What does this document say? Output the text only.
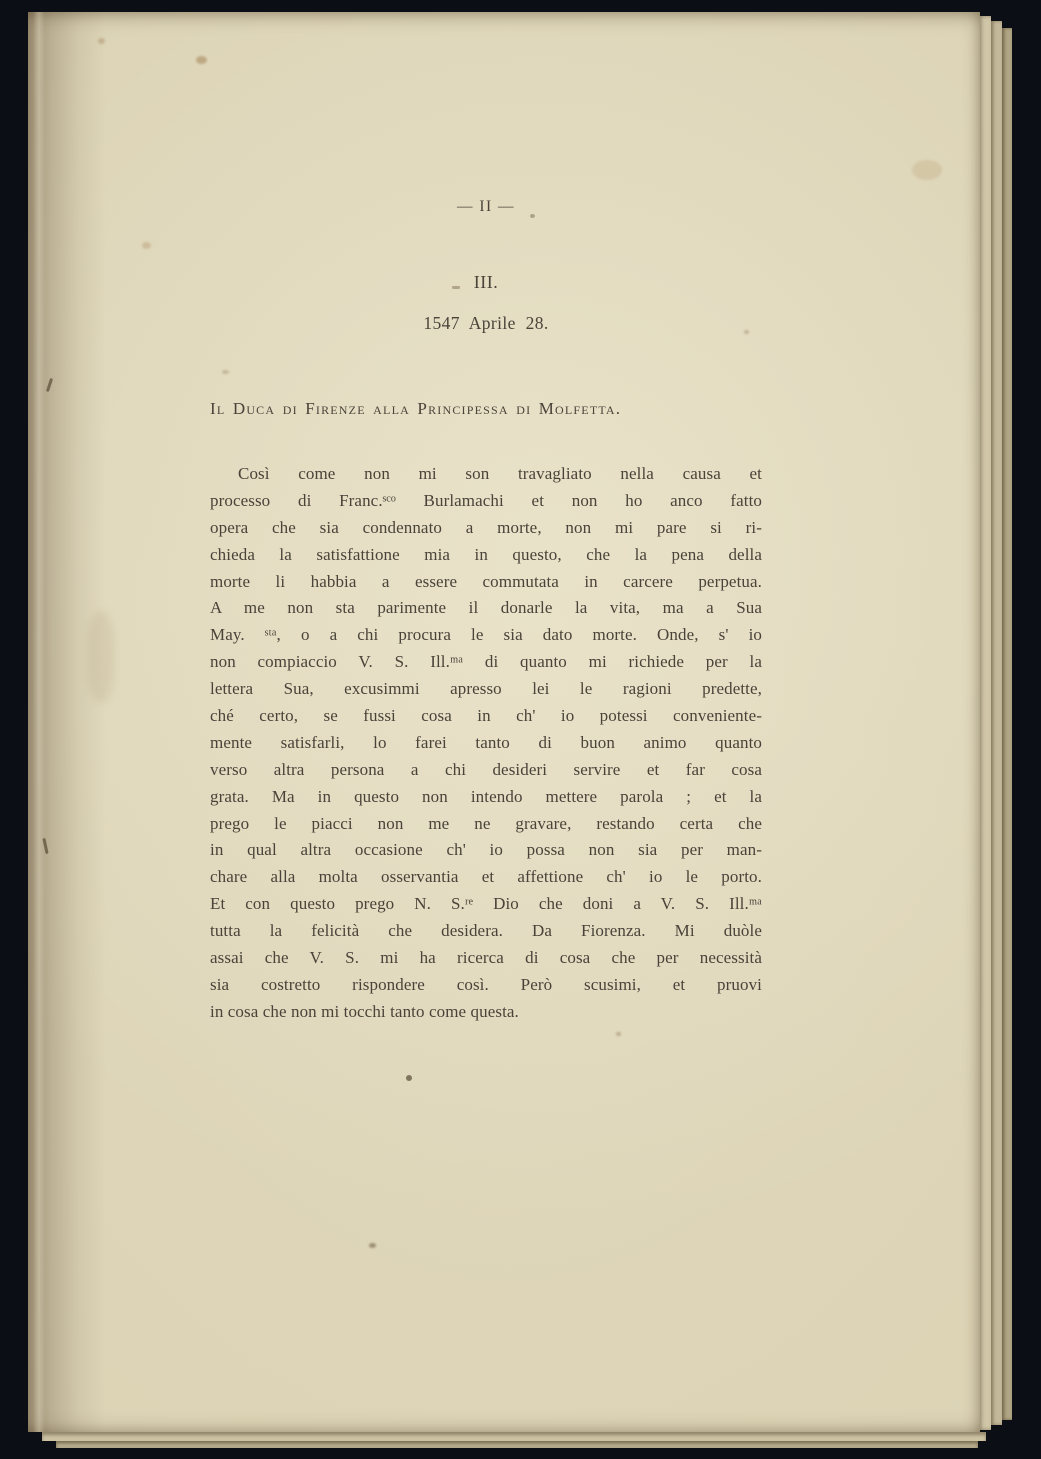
— II —
III.
1547 Aprile 28.
Il Duca di Firenze alla Principessa di Molfetta.
Così come non mi son travagliato nella causa et
processo di Franc.ˢᶜᵒ Burlamachi et non ho anco fatto
opera che sia condennato a morte, non mi pare si ri-
chieda la satisfattione mia in questo, che la pena della
morte li habbia a essere commutata in carcere perpetua.
A me non sta parimente il donarle la vita, ma a Sua
May. ˢᵗᵃ, o a chi procura le sia dato morte. Onde, s' io
non compiaccio V. S. Ill.ᵐᵃ di quanto mi richiede per la
lettera Sua, excusimmi apresso lei le ragioni predette,
ché certo, se fussi cosa in ch' io potessi conveniente-
mente satisfarli, lo farei tanto di buon animo quanto
verso altra persona a chi desideri servire et far cosa
grata. Ma in questo non intendo mettere parola ; et la
prego le piacci non me ne gravare, restando certa che
in qual altra occasione ch' io possa non sia per man-
chare alla molta osservantia et affettione ch' io le porto.
Et con questo prego N. S.ʳᵉ Dio che doni a V. S. Ill.ᵐᵃ
tutta la felicità che desidera. Da Fiorenza. Mi duòle
assai che V. S. mi ha ricerca di cosa che per necessità
sia costretto rispondere così. Però scusimi, et pruovi
in cosa che non mi tocchi tanto come questa.
